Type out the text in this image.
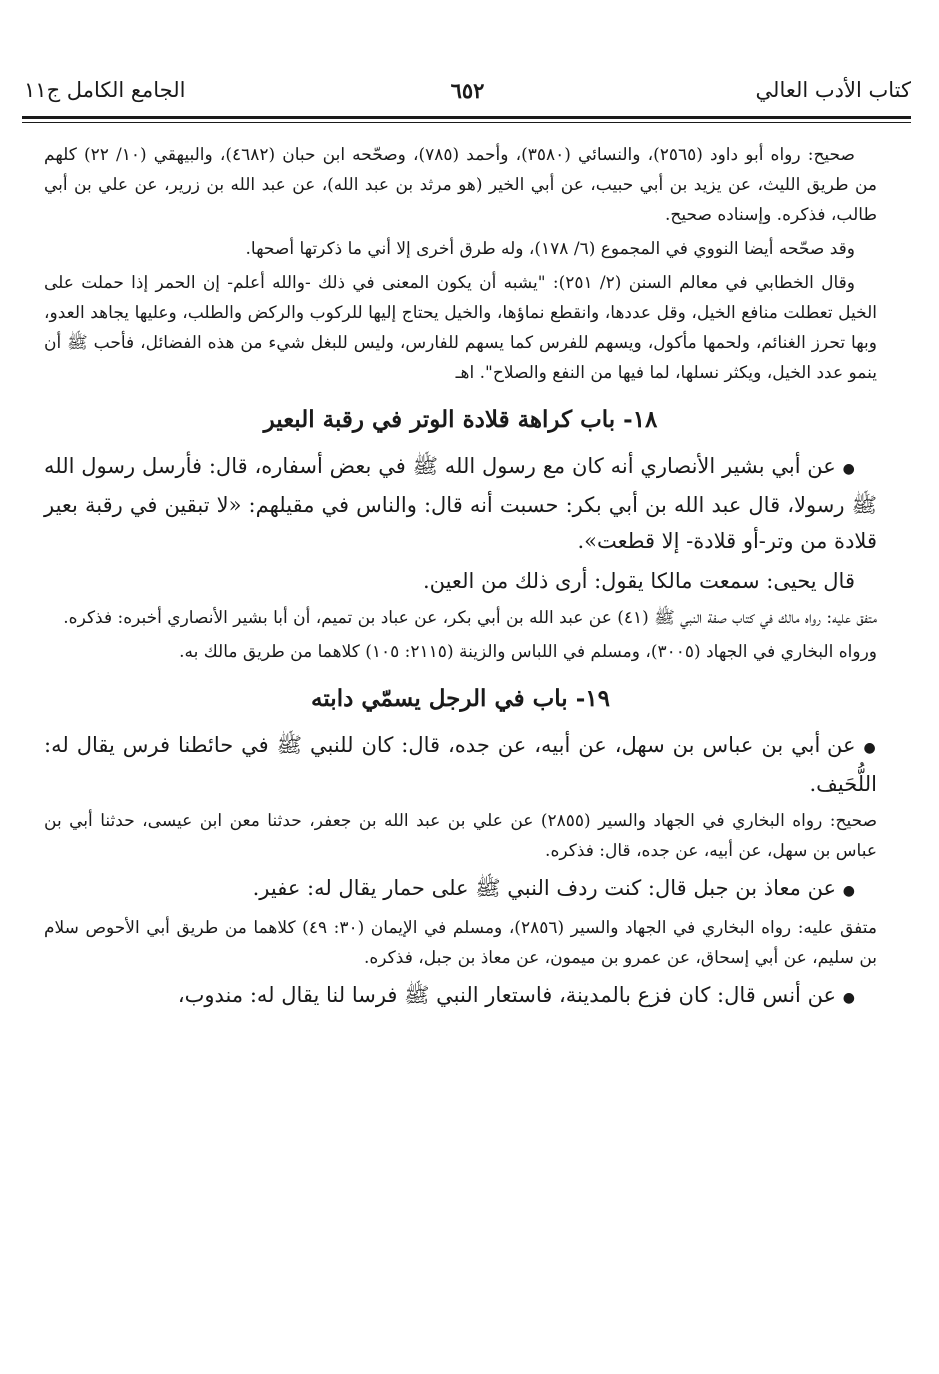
كتاب الأدب العالي
٦٥٢
الجامع الكامل ج١١

صحيح: رواه أبو داود (٢٥٦٥)، والنسائي (٣٥٨٠)، وأحمد (٧٨٥)، وصحّحه ابن حبان (٤٦٨٢)، والبيهقي (١٠/ ٢٢) كلهم من طريق الليث، عن يزيد بن أبي حبيب، عن أبي الخير (هو مرثد بن عبد الله)، عن عبد الله بن زرير، عن علي بن أبي طالب، فذكره. وإسناده صحيح.

وقد صحّحه أيضا النووي في المجموع (٦/ ١٧٨)، وله طرق أخرى إلا أني ما ذكرتها أصحها.

وقال الخطابي في معالم السنن (٢/ ٢٥١): "يشبه أن يكون المعنى في ذلك -والله أعلم- إن الحمر إذا حملت على الخيل تعطلت منافع الخيل، وقل عددها، وانقطع نماؤها، والخيل يحتاج إليها للركوب والركض والطلب، وعليها يجاهد العدو، وبها تحرز الغنائم، ولحمها مأكول، ويسهم للفرس كما يسهم للفارس، وليس للبغل شيء من هذه الفضائل، فأحب ﷺ أن ينمو عدد الخيل، ويكثر نسلها، لما فيها من النفع والصلاح". اهـ

١٨- باب كراهة قلادة الوتر في رقبة البعير

● عن أبي بشير الأنصاري أنه كان مع رسول الله ﷺ في بعض أسفاره، قال: فأرسل رسول الله ﷺ رسولا، قال عبد الله بن أبي بكر: حسبت أنه قال: والناس في مقيلهم: «لا تبقين في رقبة بعير قلادة من وتر-أو قلادة- إلا قطعت».

قال يحيى: سمعت مالكا يقول: أرى ذلك من العين.

متفق عليه: رواه مالك في كتاب صفة النبي ﷺ (٤١) عن عبد الله بن أبي بكر، عن عباد بن تميم، أن أبا بشير الأنصاري أخبره: فذكره.

ورواه البخاري في الجهاد (٣٠٠٥)، ومسلم في اللباس والزينة (٢١١٥: ١٠٥) كلاهما من طريق مالك به.

١٩- باب في الرجل يسمّي دابته

● عن أبي بن عباس بن سهل، عن أبيه، عن جده، قال: كان للنبي ﷺ في حائطنا فرس يقال له: اللُّحَيف.

صحيح: رواه البخاري في الجهاد والسير (٢٨٥٥) عن علي بن عبد الله بن جعفر، حدثنا معن ابن عيسى، حدثنا أبي بن عباس بن سهل، عن أبيه، عن جده، قال: فذكره.

● عن معاذ بن جبل قال: كنت ردف النبي ﷺ على حمار يقال له: عفير.

متفق عليه: رواه البخاري في الجهاد والسير (٢٨٥٦)، ومسلم في الإيمان (٣٠: ٤٩) كلاهما من طريق أبي الأحوص سلام بن سليم، عن أبي إسحاق، عن عمرو بن ميمون، عن معاذ بن جبل، فذكره.

● عن أنس قال: كان فزع بالمدينة، فاستعار النبي ﷺ فرسا لنا يقال له: مندوب،
